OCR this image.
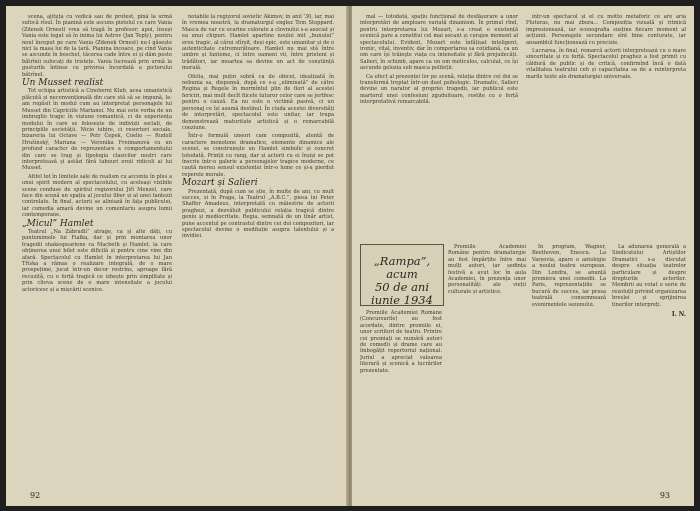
scena, ajituța cu vedică sau de protest, pînă la urmă sufocă rîsul. În pianină este ascuns pistolul cu care Vania (Zdenek Ornest) vrea să tragă în profesor; apoi, însuși Vania este legat să în inima lui Astrov (Jan Teply), pentru noul început pe care Vania (Zdenek Ornest) nu-l găsește nici la masa lui de la țară. Pianina încoace, pe cînd Vania se ascunde în boschet, tăcerea cade între ei și dăm peste bătrînii sufocați de tristețe. Vania lucrează prin urmă la gusturile întinse cu privirea încordată a pictorului bătrînel.

Un Musset realist

Tot echipa artistică a Cinoherni Klub, acea umanistică plăcută și neconvențională din care stă să se impună, le-am regăsit în modul cum au interpretat personajele lui Musset din Capriciile Marianei. Nu mai este vorba de un imbroglio tragic în viziune romantică, ci de experiența modului în care se folosește de indivizii sociali, de principiile societății. Nicio iubire, ci resorturi sociale, bizareria lui Octave — Petr Čepek, Coelio — Rudolf Hrušínský, Mariana — Veronika Freimanová cu un profund caracter de reprezentare a comportamentului din care se trag și tipologia clasicilor noștri care interpretează și astăzi fără tabuuri eroii ridicoli ai lui Musset.

Altfel tot în limitele sale de realism cu accente în plus a unui spirit modern al spectacolului, cu aceleași vizibile scene conduse de spiritul regizorului Jiří Menzel, care face din scenă un spațiu al jocului liber și al unei fantezii controlate. În final, actorii se aliniază în fața publicului, iar comedia amară devine un comentariu asupra lumii contemporane.

„Micul” Hamlet

Teatrul „Na Zábradlí” atrage, ca și alte dăți, cu pantomimele lui Fialka, dar și prin montarea unor tragedii shakespeariene ca Macbeth și Hamlet, la care obținerea unui bilet este dificilă și pentru cine vine din afară. Spectacolul cu Hamlet în interpretarea lui Jan Tříska a rămas o realizare integrală, de o mare prospețime, jucat într-un decor restrîns, aproape fără recuzită, cu o forță tragică ce izbește prin simplitate și prin cîteva scene de o mare intensitate a jocului actoricesc și a mișcării scenice.

notabile la regizorul sovietic Akimov, în anii '30, iar, mai în vremea noastră, la dramaturgul englez Tom Stoppard. Masca de var cu ocarine colorate a clovnului s-a asociat și ea unui chipuri. Hamlet apartine noului mit „bunului” erou tragic, al cărui sfîrșit, deși epic, este umanitar și de o autenticitate cutremurătoare. Hamlet nu mai stă între umbre și fantome, ci între oameni vii, între prieteni și trădători, iar moartea sa devine un act de conștiință morală.

Ofelia, mai puțin sobră ca de obicei, idealizată în nebunia sa, dispuneă, după ce s-a „eliminată” de către Regina și Regele în mormîntul plin de flori al acestei fericiri, mai mult decît fiicele tuturor celor care se jertfesc pentru o cauză. Ea nu este o victimă pasivă, ci un personaj ce își asumă destinul. În ciuda acestei diversități de interpretări, spectacolul este unitar, iar trupa demonstrează maturitate artistică și o remarcabilă coeziune.

Într-o formulă uneori cam compozită, atentă de caractere monotone dramatice, elemente dinamice ale scenei, se construiește un Hamlet simbolic și concret totodată. Prinții cu rang, dar și actorii cu ei înșiși se pot înscrie într-o galerie a personajelor tragice moderne, ce caută mereu sensul existenței într-o lume ce și-a pierdut reperele morale.

Mozart și Salieri

Prezentată, după cum se știe, în multe de ani, cu mult succes, și în Praga, la Teatrul „A.B.C.”, piesa lui Peter Shaffer Amadeus, interpretată cu măiestrie de actorii praghezi, a dezvăluit publicului relația tragică dintre geniu și mediocritate. Regia, semnată de un tînăr artist, pune accentul pe contrastul dintre cei doi compozitori, iar spectacolul devine o meditație asupra talentului și a invidiei.

92

mal — totodată, spațiu funcțional de desfășurare a unor interpretări de amploare variată dinamism. În primul rînd, pentru interpretarea lui Mozart, s-a creat o existență scenică pare a constitui cel mai șocant și curajos moment al spectacolului. Evident, Mozart este înfățișat inteligent, ironic, vital, inventiv, dar în comportarea sa cotidiană, ca un om care își trăiește viața cu intensitate și fără prejudecăți. Salieri, în schimb, apare ca un om meticulos, calculat, ce își ascunde gelozia sub masca politeții.

Ca efect al prezenței lor pe scenă, relația dintre cei doi se transformă treptat într-un duel psihologic. Dramatic, Salieri devine un narator al propriei tragedii, iar publicul este martorul unei confesiuni zguduitoare, rostite cu o forță interpretativă remarcabilă.

intr-un spectacol și el cu motto metaforic ce are aria Fluturas, nu mai zbura... Compoziția vizuală și ritmică impresionează, iar scenografia susține fiecare moment al acțiunii. Personajele secundare sînt bine conturate, iar ansamblul funcționează cu precizie.

Lucrarea, în final, remarcă actorii interpretează cu o mare sinceritate și cu forță. Spectacolul praghez a fost primit cu căldură de public și de critică, confirmînd încă o dată vitalitatea teatrului ceh și capacitatea sa de a reinterpreta marile texte ale dramaturgiei universale.

„Rampa”,
acum
50 de ani
iunie 1934

Premiile Academiei Române (Concursurile) au fost acordate, dintre premiile ei, unor scriitori de teatru. Printre cei premiați se numără autori de comedii și drame care au îmbogățit repertoriul național. Juriul a apreciat valoarea literară și scenică a lucrărilor prezentate.

Premiile Academiei Române pentru dramaturgie au fost împărțite între mai mulți autori, iar ședința festivă a avut loc în aula Academiei, în prezența unor personalități ale vieții culturale și artistice.

În program, Wagner, Beethoven, Enescu. La Varșovia, apare o antologie a noului teatru european. Din Londra, se anunță premiera unei comedii. La Paris, reprezentațiile se bucură de succes, iar presa teatrală consemnează evenimentele sezonului.

La adunarea generală a Sindicatului Artiștilor Dramatici s-a discutat despre situația teatrelor particulare și despre drepturile actorilor. Membrii au votat o serie de rezoluții privind organizarea breslei și sprijinirea tinerilor interpreți.

I. N.
93
